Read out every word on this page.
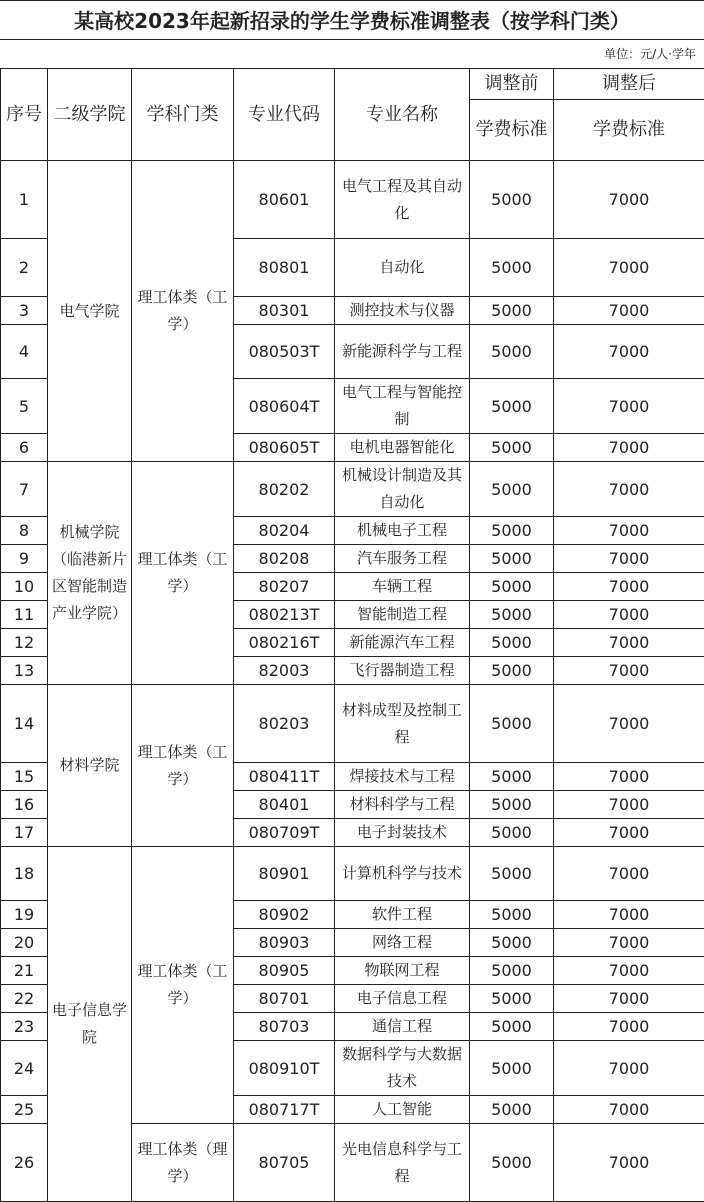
某高校2023年起新招录的学生学费标准调整表（按学科门类）
单位：元/人·学年
序号	二级学院	学科门类	专业代码	专业名称	调整前	调整后
					学费标准	学费标准
1	电气学院	理工体类（工学）	80601	电气工程及其自动化	5000	7000
2			80801	自动化	5000	7000
3			80301	测控技术与仪器	5000	7000
4			080503T	新能源科学与工程	5000	7000
5			080604T	电气工程与智能控制	5000	7000
6			080605T	电机电器智能化	5000	7000
7	机械学院（临港新片区智能制造产业学院）	理工体类（工学）	80202	机械设计制造及其自动化	5000	7000
8			80204	机械电子工程	5000	7000
9			80208	汽车服务工程	5000	7000
10			80207	车辆工程	5000	7000
11			080213T	智能制造工程	5000	7000
12			080216T	新能源汽车工程	5000	7000
13			82003	飞行器制造工程	5000	7000
14	材料学院	理工体类（工学）	80203	材料成型及控制工程	5000	7000
15			080411T	焊接技术与工程	5000	7000
16			80401	材料科学与工程	5000	7000
17			080709T	电子封装技术	5000	7000
18	电子信息学院	理工体类（工学）	80901	计算机科学与技术	5000	7000
19			80902	软件工程	5000	7000
20			80903	网络工程	5000	7000
21			80905	物联网工程	5000	7000
22			80701	电子信息工程	5000	7000
23			80703	通信工程	5000	7000
24			080910T	数据科学与大数据技术	5000	7000
25			080717T	人工智能	5000	7000
26		理工体类（理学）	80705	光电信息科学与工程	5000	7000
